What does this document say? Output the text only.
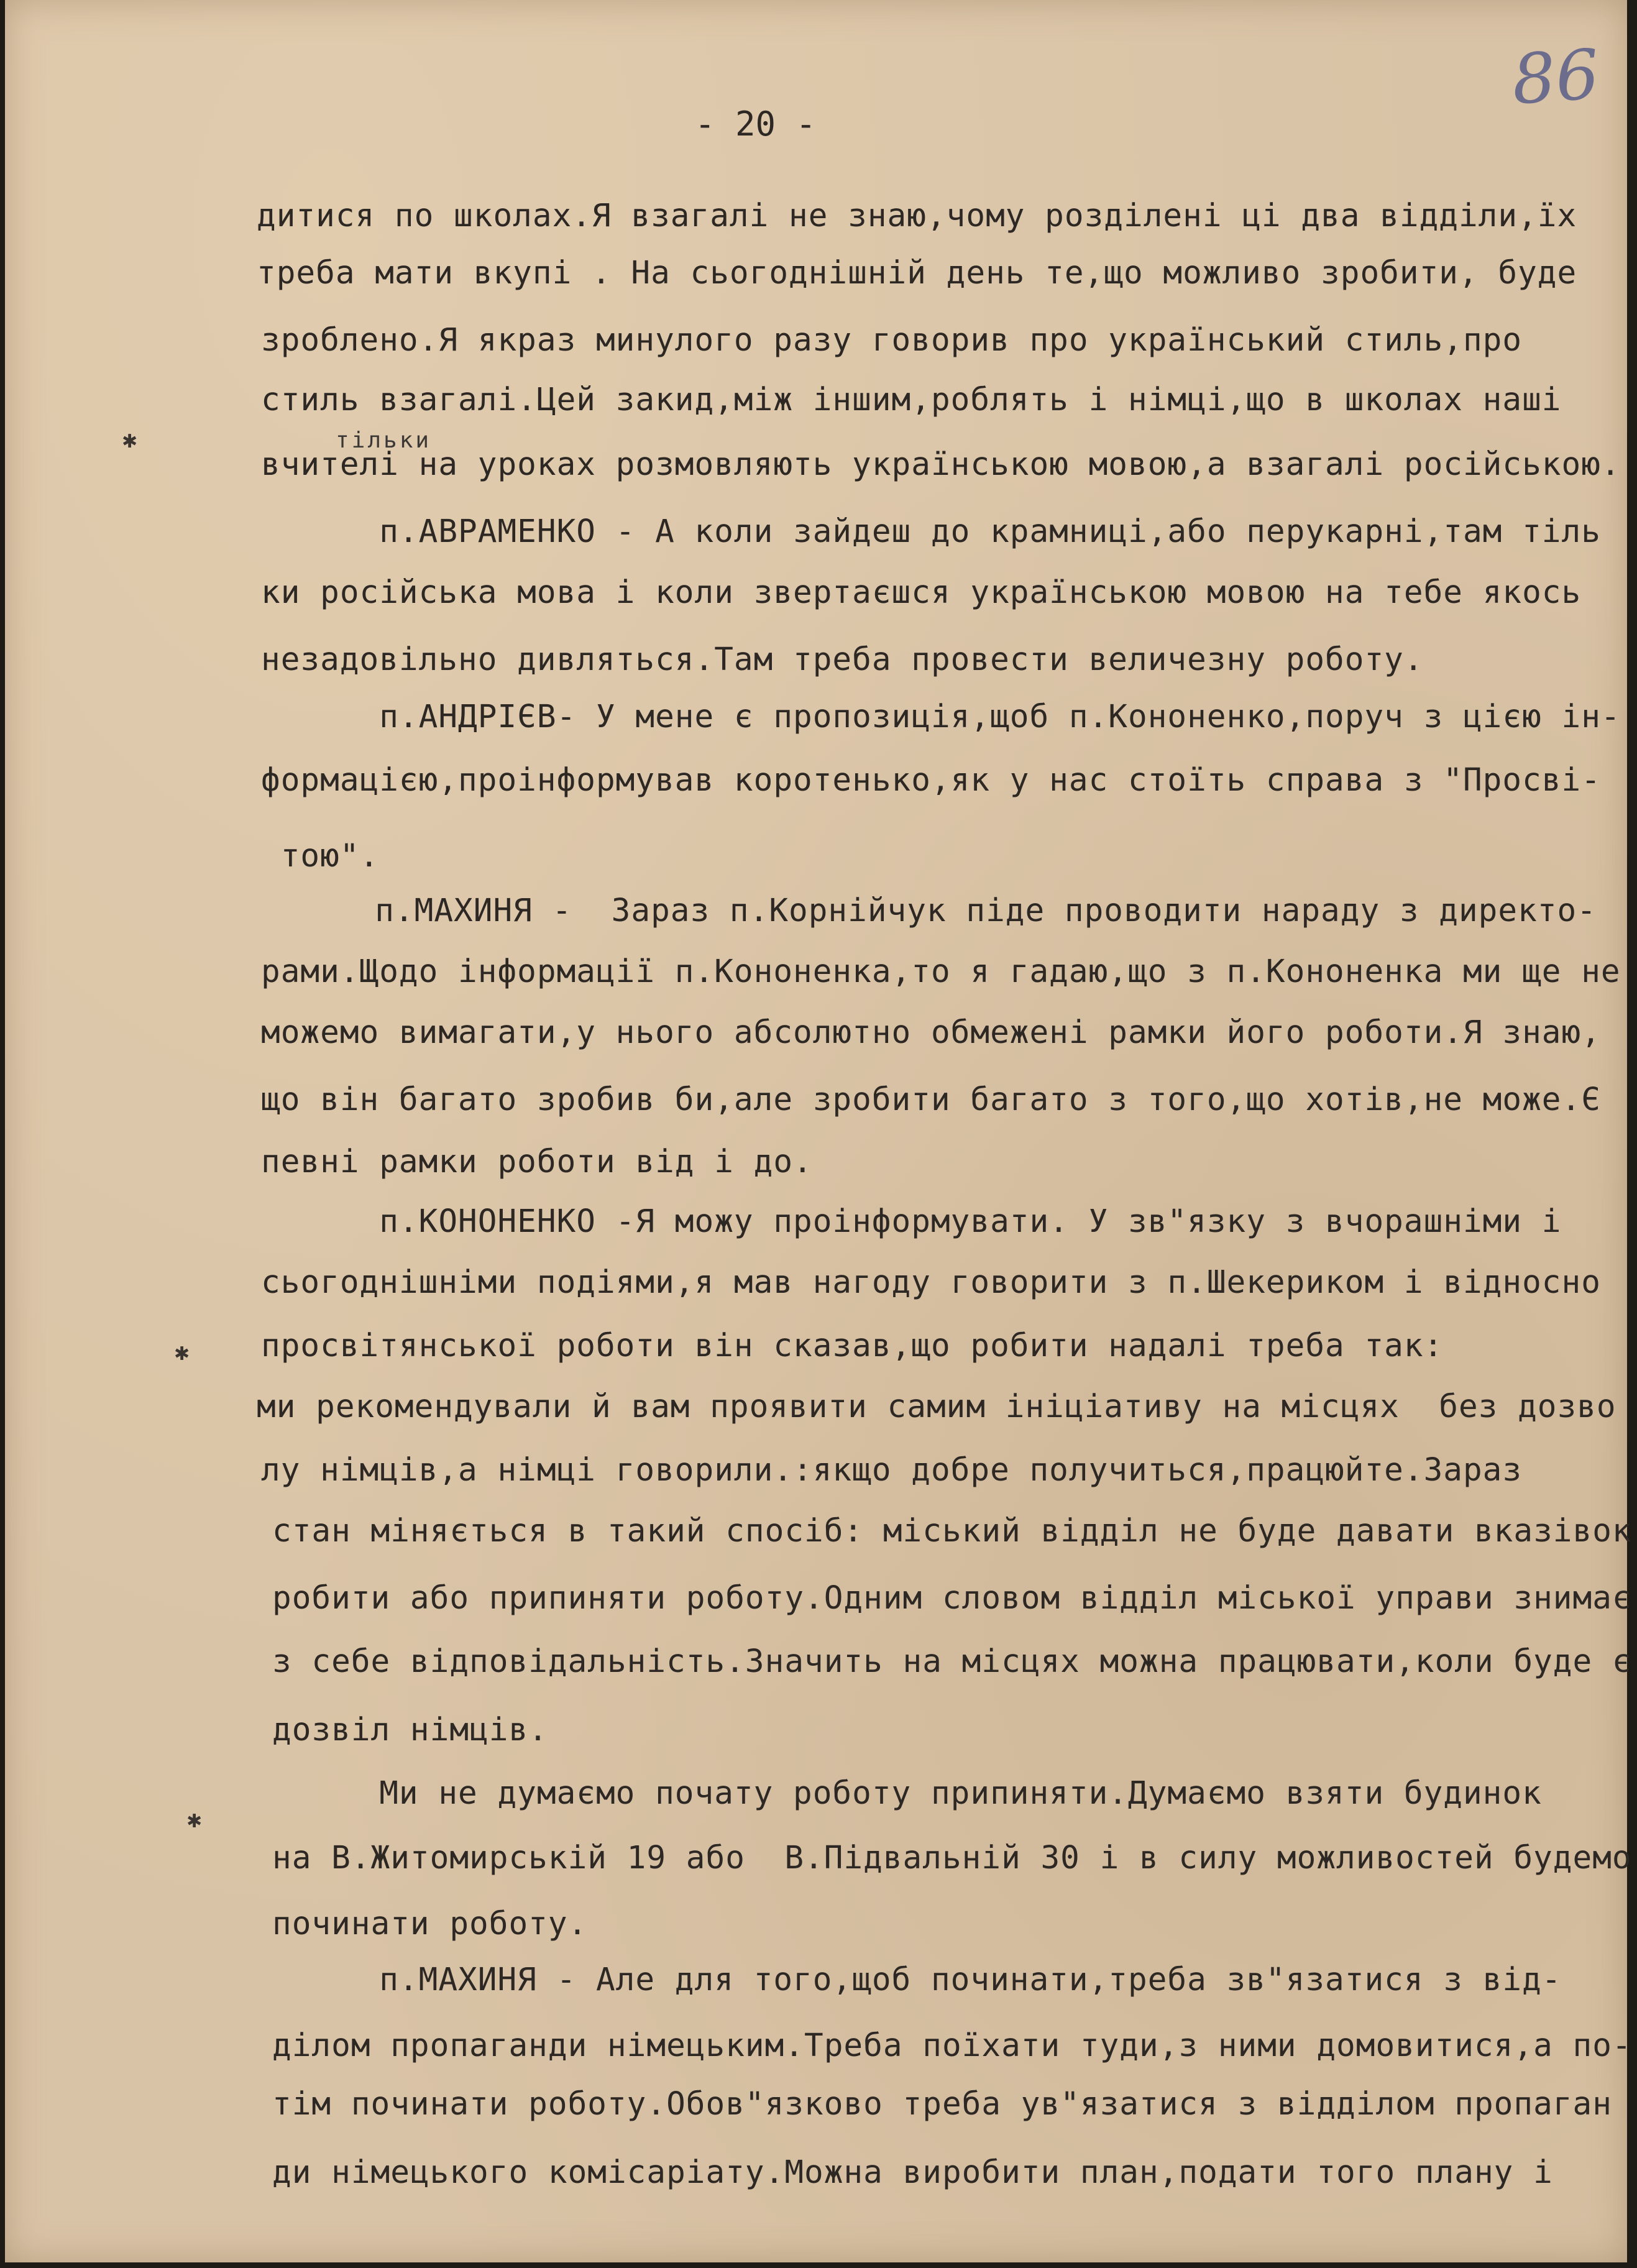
86
- 20 -
тільки
✱
✱
✱
дитися по школах.Я взагалі не знаю,чому розділені ці два відділи,їх
треба мати вкупі . На сьогоднішній день те,що можливо зробити, буде
зроблено.Я якраз минулого разу говорив про український стиль,про
стиль взагалі.Цей закид,між іншим,роблять і німці,що в школах наші
вчителі на уроках розмовляють українською мовою,а взагалі російською.
п.АВРАМЕНКО - А коли зайдеш до крамниці,або перукарні,там тіль
ки російська мова і коли звертаєшся українською мовою на тебе якось
незадовільно дивляться.Там треба провести величезну роботу.
п.АНДРІЄВ- У мене є пропозиція,щоб п.Кононенко,поруч з цією ін-
формацією,проінформував коротенько,як у нас стоїть справа з "Просві-
тою".
п.МАХИНЯ -  Зараз п.Корнійчук піде проводити нараду з директо-
рами.Щодо інформації п.Кононенка,то я гадаю,що з п.Кононенка ми ще не
можемо вимагати,у нього абсолютно обмежені рамки його роботи.Я знаю,
що він багато зробив би,але зробити багато з того,що хотів,не може.Є
певні рамки роботи від і до.
п.КОНОНЕНКО -Я можу проінформувати. У зв"язку з вчорашніми і
сьогоднішніми подіями,я мав нагоду говорити з п.Шекериком і відносно
просвітянської роботи він сказав,що робити надалі треба так:
ми рекомендували й вам проявити самим ініціативу на місцях  без дозво
лу німців,а німці говорили.:якщо добре получиться,працюйте.Зараз
стан міняється в такий спосіб: міський відділ не буде давати вказівок
робити або припиняти роботу.Одним словом відділ міської управи знимає
з себе відповідальність.Значить на місцях можна працювати,коли буде є
дозвіл німців.
Ми не думаємо почату роботу припиняти.Думаємо взяти будинок
на В.Житомирській 19 або  В.Підвальній 30 і в силу можливостей будемо
починати роботу.
п.МАХИНЯ - Але для того,щоб починати,треба зв"язатися з від-
ділом пропаганди німецьким.Треба поїхати туди,з ними домовитися,а по-
тім починати роботу.Обов"язково треба ув"язатися з відділом пропаган
ди німецького комісаріату.Можна виробити план,подати того плану і
